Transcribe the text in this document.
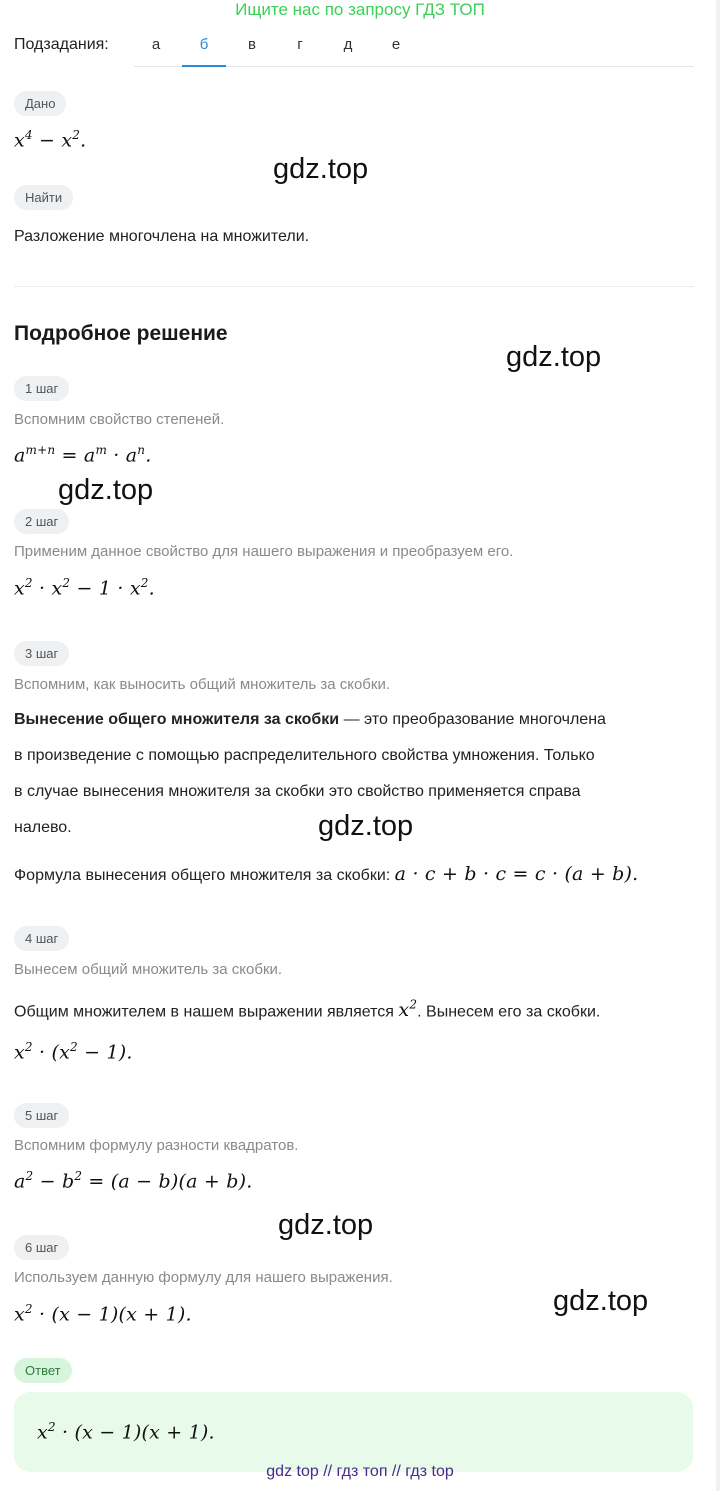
Ищите нас по запросу ГДЗ ТОП
Подзадания:	а	б	в	г	д	е
Дано
$x^4 - x^2$.
Найти
Разложение многочлена на множители.
Подробное решение
1 шаг
Вспомним свойство степеней.
$a^{m+n} = a^m \cdot a^n$.
2 шаг
Применим данное свойство для нашего выражения и преобразуем его.
$x^2 \cdot x^2 - 1 \cdot x^2$.
3 шаг
Вспомним, как выносить общий множитель за скобки.
Вынесение общего множителя за скобки — это преобразование многочлена
в произведение с помощью распределительного свойства умножения. Только
в случае вынесения множителя за скобки это свойство применяется справа
налево.
Формула вынесения общего множителя за скобки: a · c + b · c = c · (a + b).
4 шаг
Вынесем общий множитель за скобки.
Общим множителем в нашем выражении является $x^2$. Вынесем его за скобки.
$x^2 \cdot (x^2 - 1)$.
5 шаг
Вспомним формулу разности квадратов.
$a^2 - b^2 = (a - b)(a + b)$.
6 шаг
Используем данную формулу для нашего выражения.
$x^2 \cdot (x - 1)(x + 1)$.
Ответ
$x^2 \cdot (x - 1)(x + 1)$.
gdz.top
gdz.top
gdz.top
gdz.top
gdz.top
gdz.top
gdz top // гдз топ // гдз top
